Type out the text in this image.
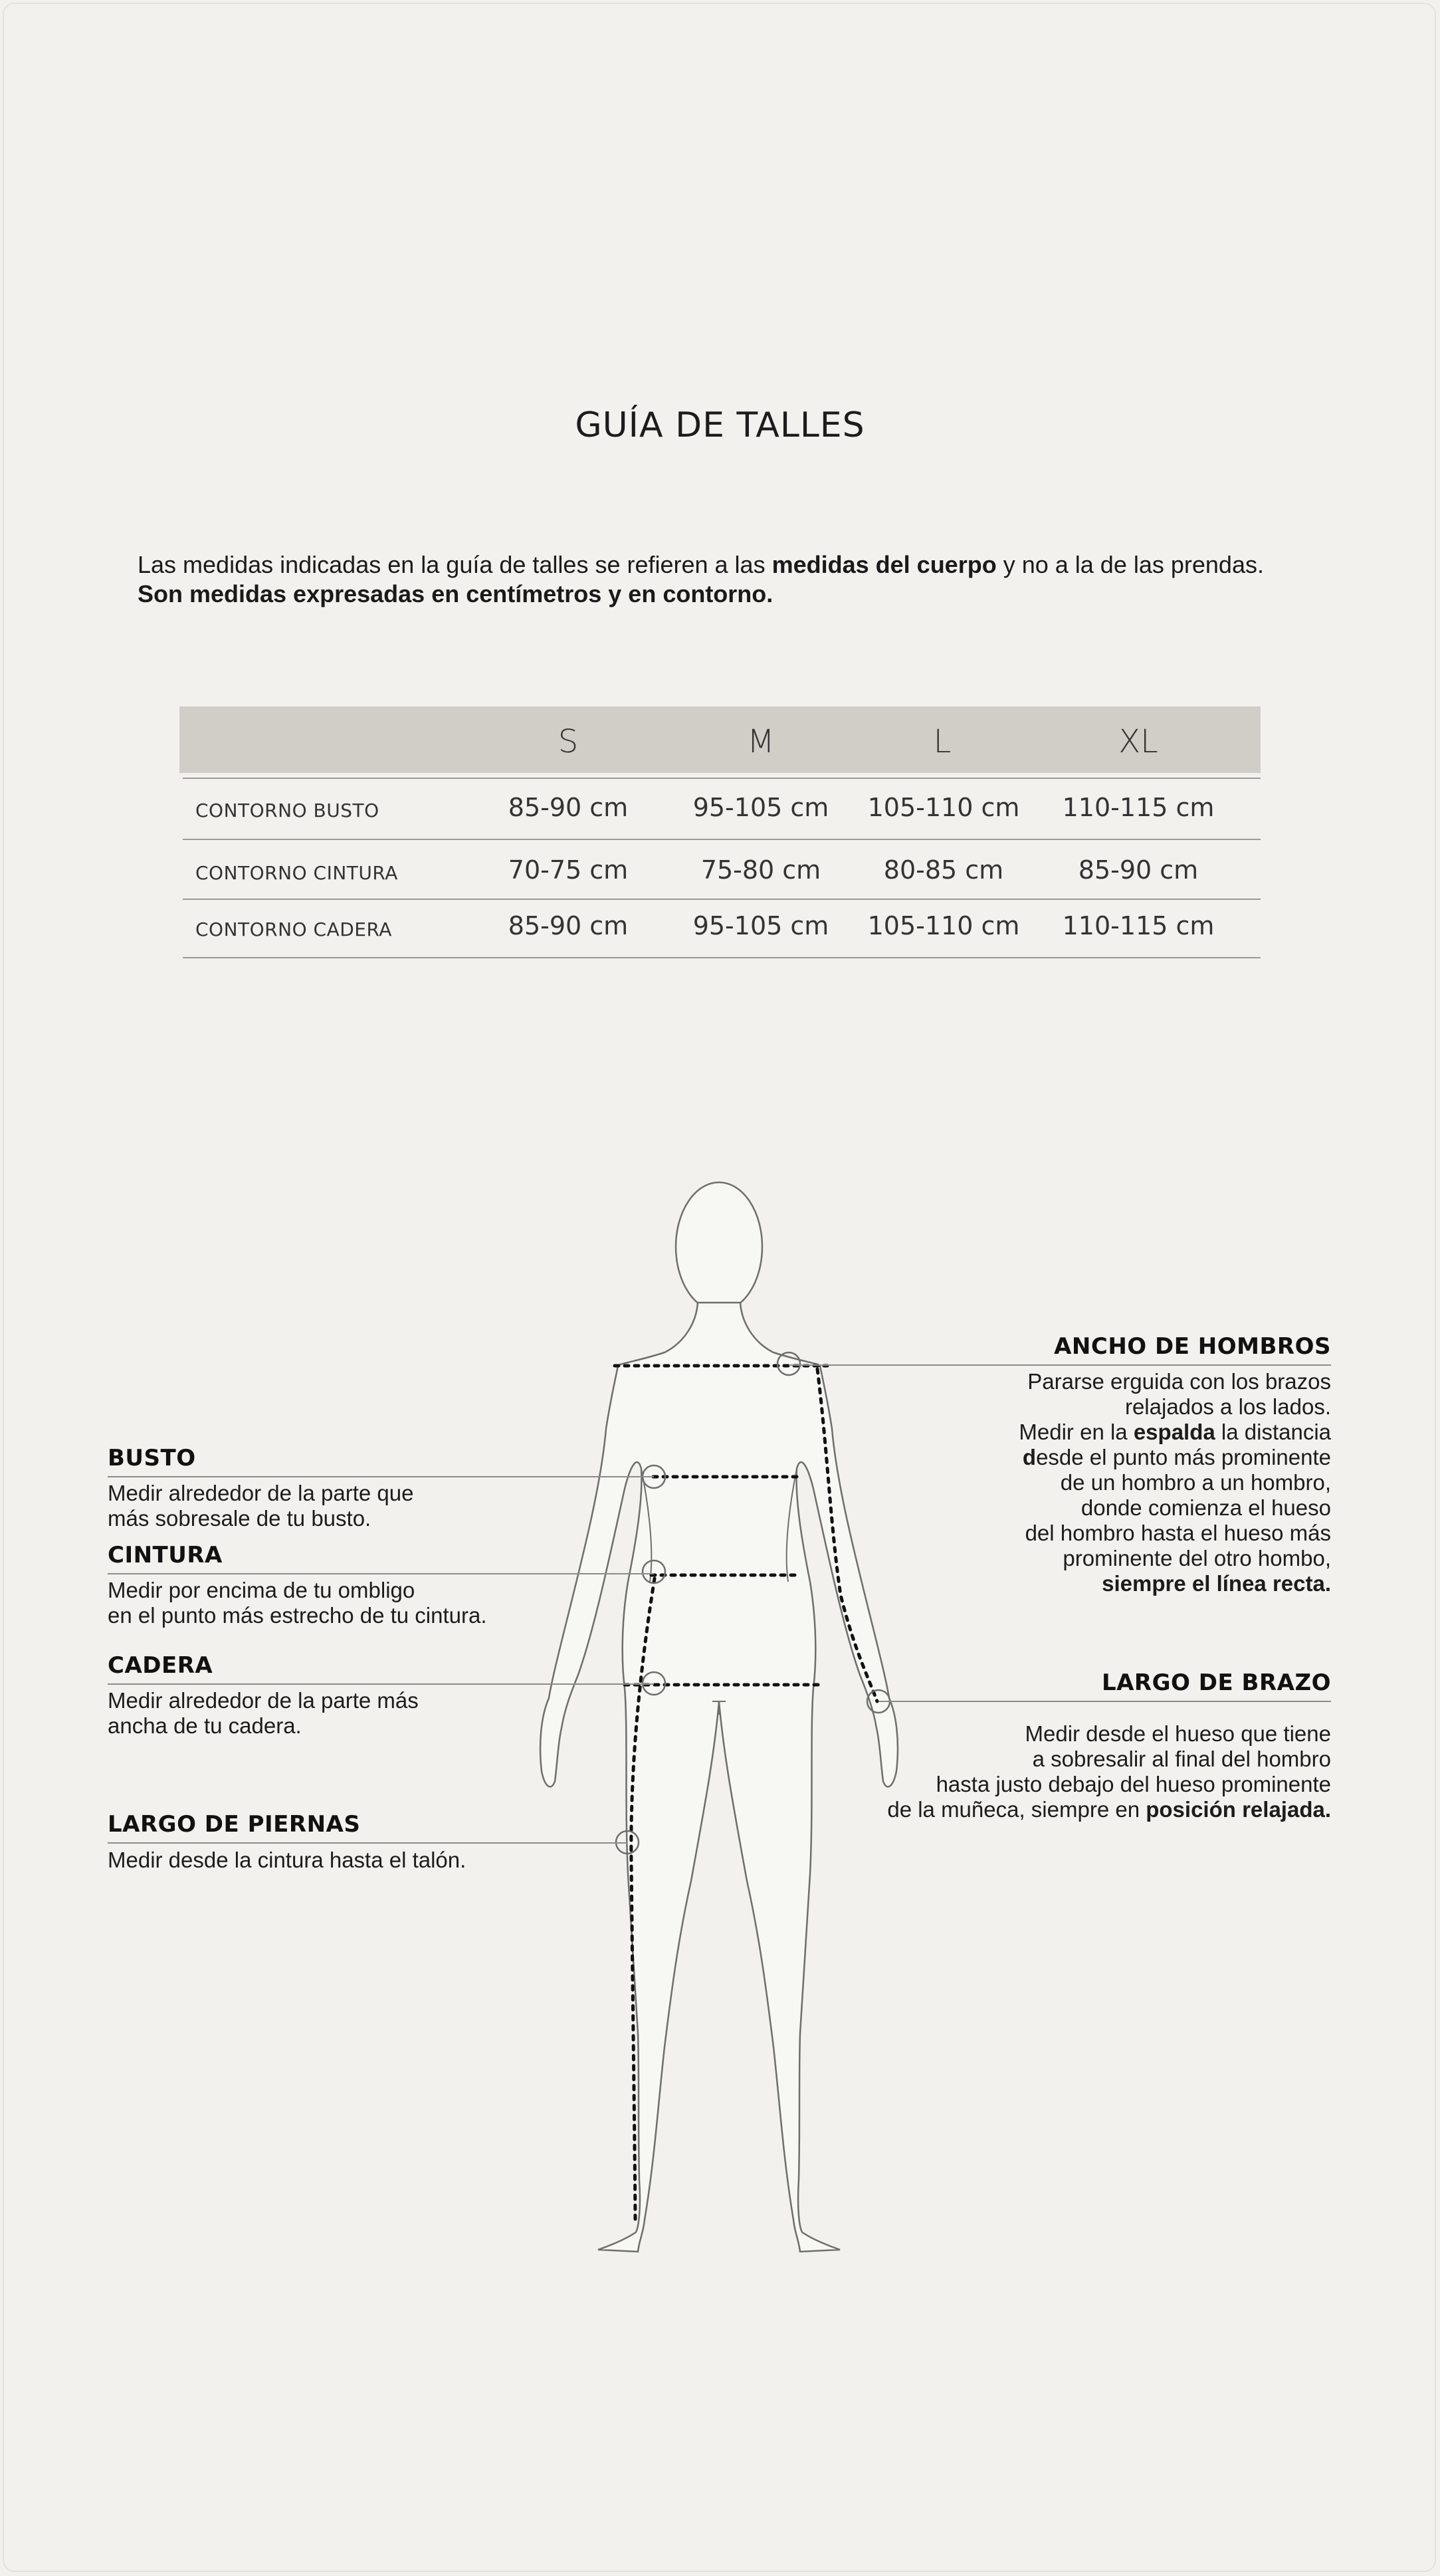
GUÍA DE TALLES
Las medidas indicadas en la guía de talles se refieren a las medidas del cuerpo y no a la de las prendas.
Son medidas expresadas en centímetros y en contorno.
S	M	L	XL
CONTORNO BUSTO	85-90 cm	95-105 cm	105-110 cm	110-115 cm
CONTORNO CINTURA	70-75 cm	75-80 cm	80-85 cm	85-90 cm
CONTORNO CADERA	85-90 cm	95-105 cm	105-110 cm	110-115 cm
BUSTO
Medir alrededor de la parte que
más sobresale de tu busto.
CINTURA
Medir por encima de tu ombligo
en el punto más estrecho de tu cintura.
CADERA
Medir alrededor de la parte más
ancha de tu cadera.
LARGO DE PIERNAS
Medir desde la cintura hasta el talón.
ANCHO DE HOMBROS
Pararse erguida con los brazos
relajados a los lados.
Medir en la espalda la distancia
desde el punto más prominente
de un hombro a un hombro,
donde comienza el hueso
del hombro hasta el hueso más
prominente del otro hombo,
siempre el línea recta.
LARGO DE BRAZO
Medir desde el hueso que tiene
a sobresalir al final del hombro
hasta justo debajo del hueso prominente
de la muñeca, siempre en posición relajada.
